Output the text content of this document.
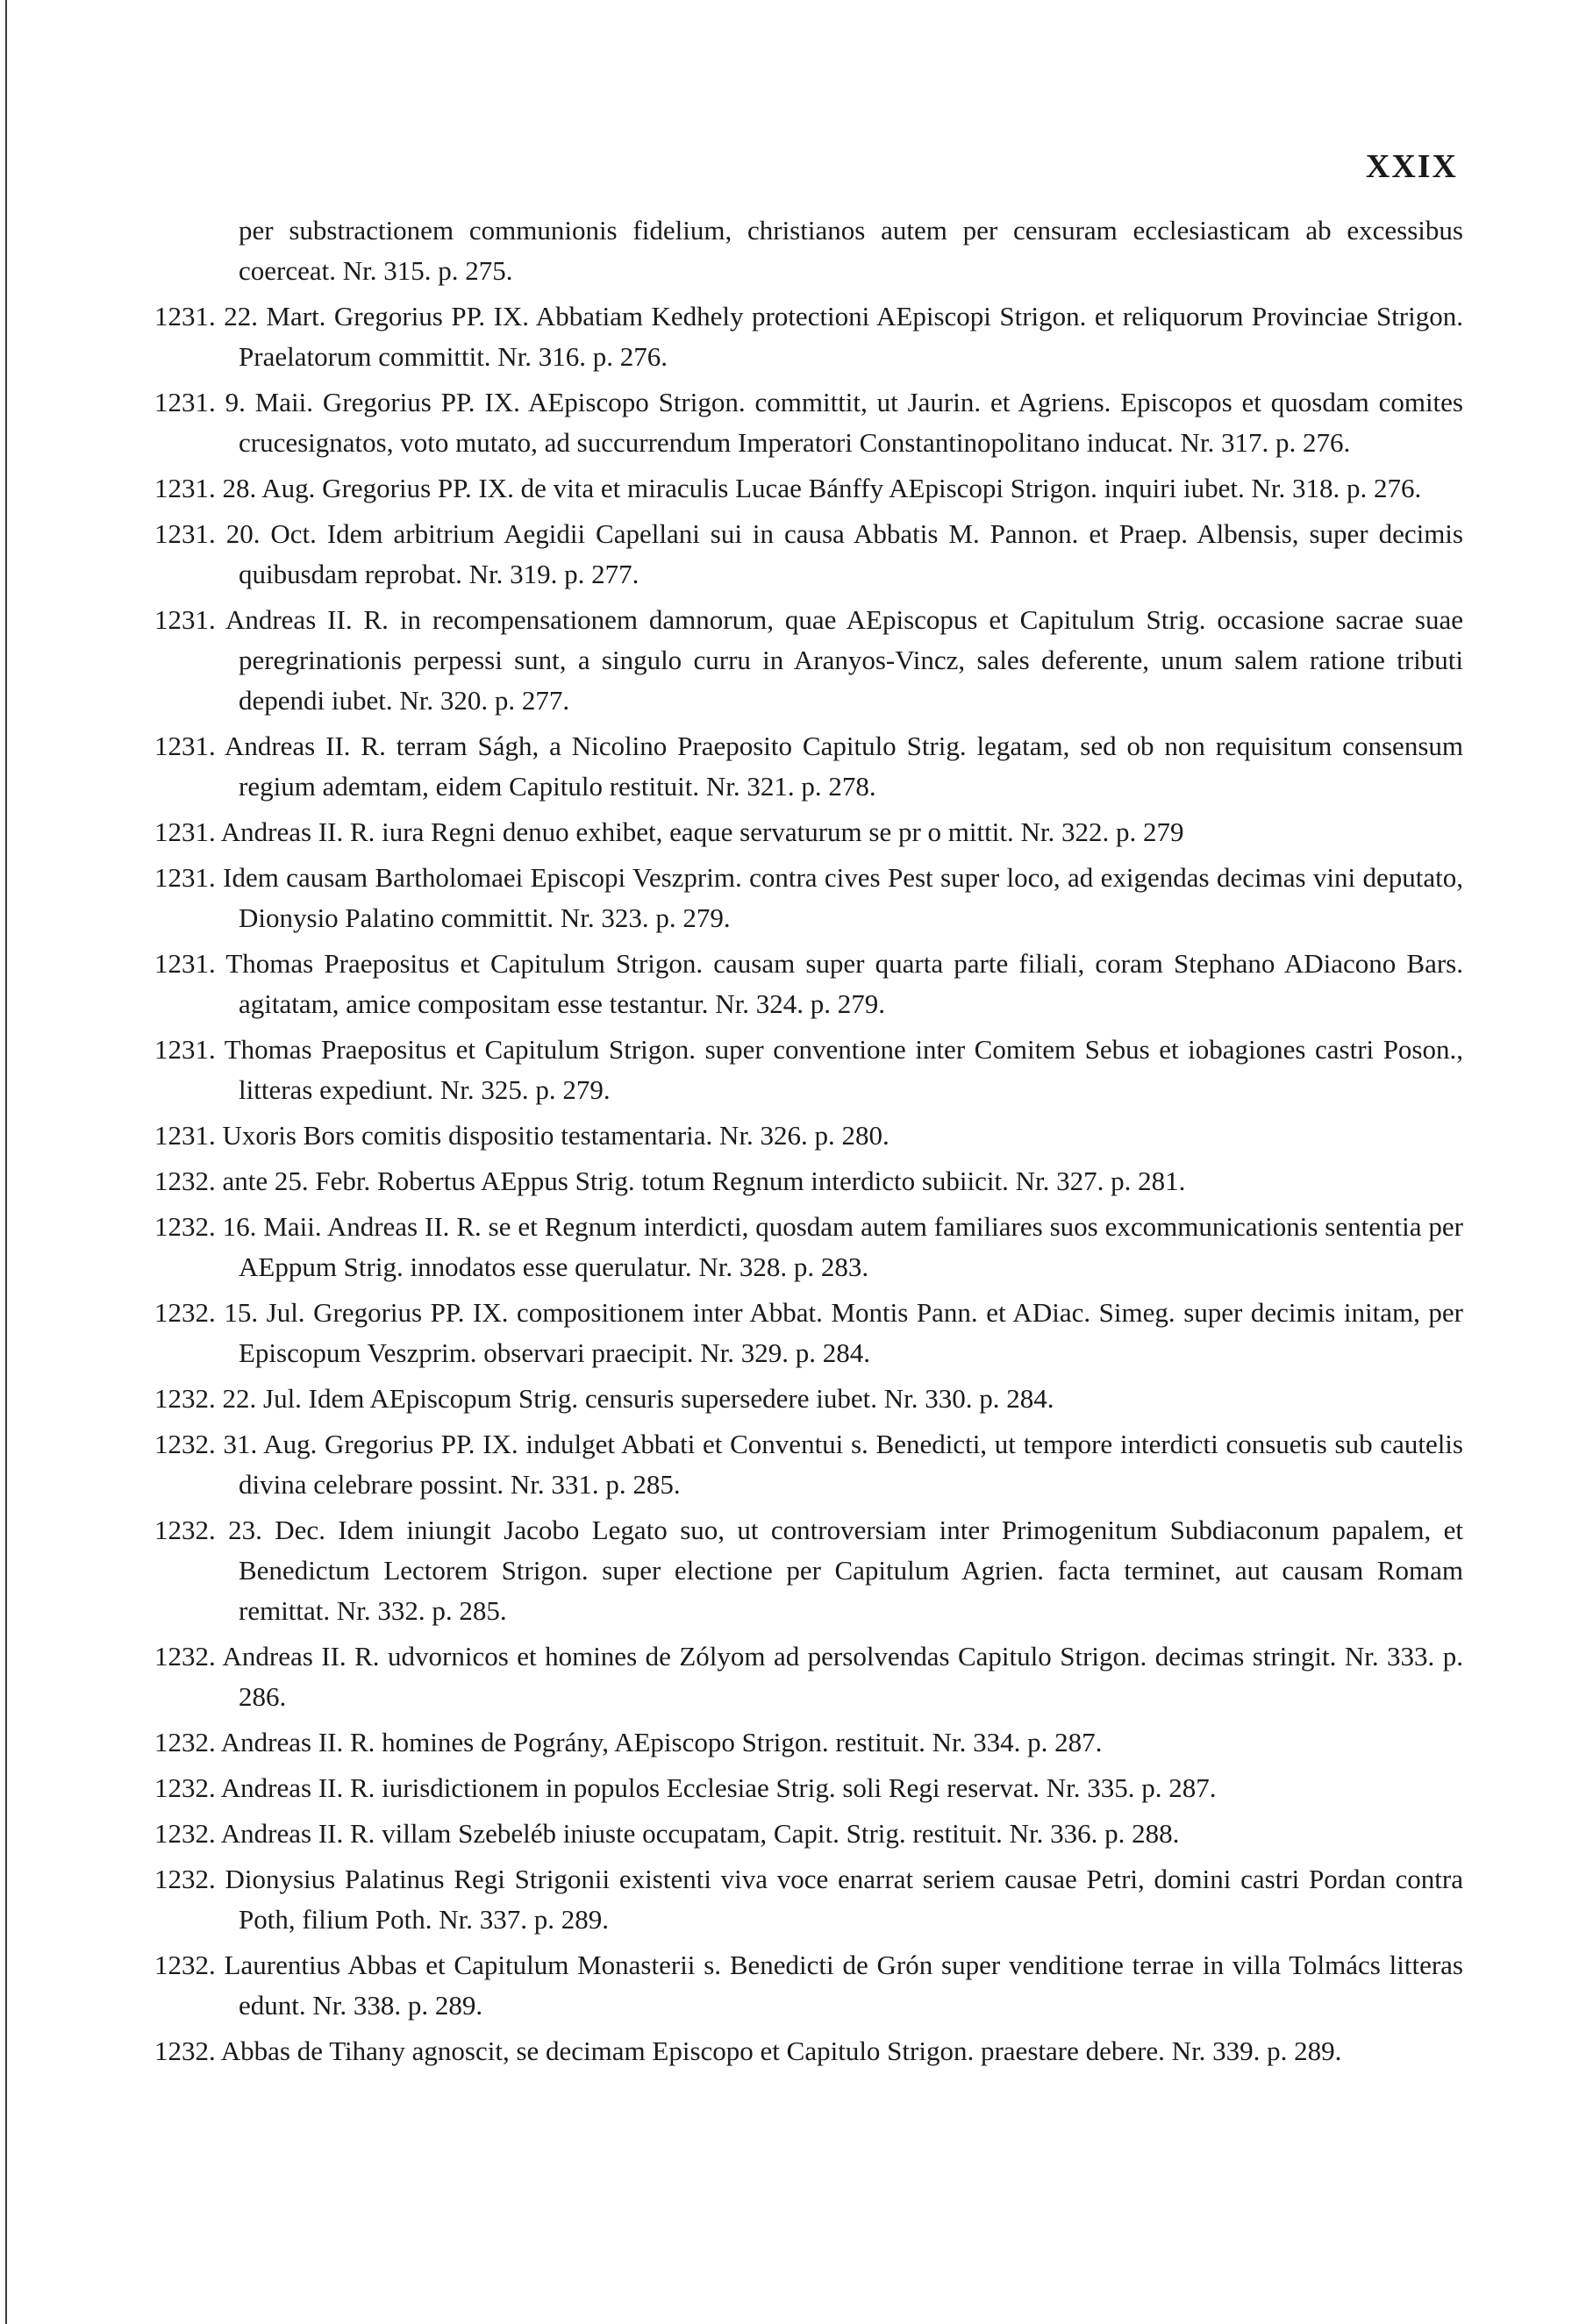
XXIX
per substractionem communionis fidelium, christianos autem per censuram ecclesiasticam ab excessibus coerceat. Nr. 315. p. 275.
1231. 22. Mart. Gregorius PP. IX. Abbatiam Kedhely protectioni AEpiscopi Strigon. et reliquorum Provinciae Strigon. Praelatorum committit. Nr. 316. p. 276.
1231. 9. Maii. Gregorius PP. IX. AEpiscopo Strigon. committit, ut Jaurin. et Agriens. Episcopos et quosdam comites crucesignatos, voto mutato, ad succurrendum Imperatori Constantinopolitano inducat. Nr. 317. p. 276.
1231. 28. Aug. Gregorius PP. IX. de vita et miraculis Lucae Bánffy AEpiscopi Strigon. inquiri iubet. Nr. 318. p. 276.
1231. 20. Oct. Idem arbitrium Aegidii Capellani sui in causa Abbatis M. Pannon. et Praep. Albensis, super decimis quibusdam reprobat. Nr. 319. p. 277.
1231. Andreas II. R. in recompensationem damnorum, quae AEpiscopus et Capitulum Strig. occasione sacrae suae peregrinationis perpessi sunt, a singulo curru in Aranyos-Vincz, sales deferente, unum salem ratione tributi dependi iubet. Nr. 320. p. 277.
1231. Andreas II. R. terram Ságh, a Nicolino Praeposito Capitulo Strig. legatam, sed ob non requisitum consensum regium ademtam, eidem Capitulo restituit. Nr. 321. p. 278.
1231. Andreas II. R. iura Regni denuo exhibet, eaque servaturum se pr o mittit. Nr. 322. p. 279
1231. Idem causam Bartholomaei Episcopi Veszprim. contra cives Pest super loco, ad exigendas decimas vini deputato, Dionysio Palatino committit. Nr. 323. p. 279.
1231. Thomas Praepositus et Capitulum Strigon. causam super quarta parte filiali, coram Stephano ADiacono Bars. agitatam, amice compositam esse testantur. Nr. 324. p. 279.
1231. Thomas Praepositus et Capitulum Strigon. super conventione inter Comitem Sebus et iobagiones castri Poson., litteras expediunt. Nr. 325. p. 279.
1231. Uxoris Bors comitis dispositio testamentaria. Nr. 326. p. 280.
1232. ante 25. Febr. Robertus AEppus Strig. totum Regnum interdicto subiicit. Nr. 327. p. 281.
1232. 16. Maii. Andreas II. R. se et Regnum interdicti, quosdam autem familiares suos excommunicationis sententia per AEppum Strig. innodatos esse querulatur. Nr. 328. p. 283.
1232. 15. Jul. Gregorius PP. IX. compositionem inter Abbat. Montis Pann. et ADiac. Simeg. super decimis initam, per Episcopum Veszprim. observari praecipit. Nr. 329. p. 284.
1232. 22. Jul. Idem AEpiscopum Strig. censuris supersedere iubet. Nr. 330. p. 284.
1232. 31. Aug. Gregorius PP. IX. indulget Abbati et Conventui s. Benedicti, ut tempore interdicti consuetis sub cautelis divina celebrare possint. Nr. 331. p. 285.
1232. 23. Dec. Idem iniungit Jacobo Legato suo, ut controversiam inter Primogenitum Subdiaconum papalem, et Benedictum Lectorem Strigon. super electione per Capitulum Agrien. facta terminet, aut causam Romam remittat. Nr. 332. p. 285.
1232. Andreas II. R. udvornicos et homines de Zólyom ad persolvendas Capitulo Strigon. decimas stringit. Nr. 333. p. 286.
1232. Andreas II. R. homines de Pográny, AEpiscopo Strigon. restituit. Nr. 334. p. 287.
1232. Andreas II. R. iurisdictionem in populos Ecclesiae Strig. soli Regi reservat. Nr. 335. p. 287.
1232. Andreas II. R. villam Szebeléb iniuste occupatam, Capit. Strig. restituit. Nr. 336. p. 288.
1232. Dionysius Palatinus Regi Strigonii existenti viva voce enarrat seriem causae Petri, domini castri Pordan contra Poth, filium Poth. Nr. 337. p. 289.
1232. Laurentius Abbas et Capitulum Monasterii s. Benedicti de Grón super venditione terrae in villa Tolmács litteras edunt. Nr. 338. p. 289.
1232. Abbas de Tihany agnoscit, se decimam Episcopo et Capitulo Strigon. praestare debere. Nr. 339. p. 289.
